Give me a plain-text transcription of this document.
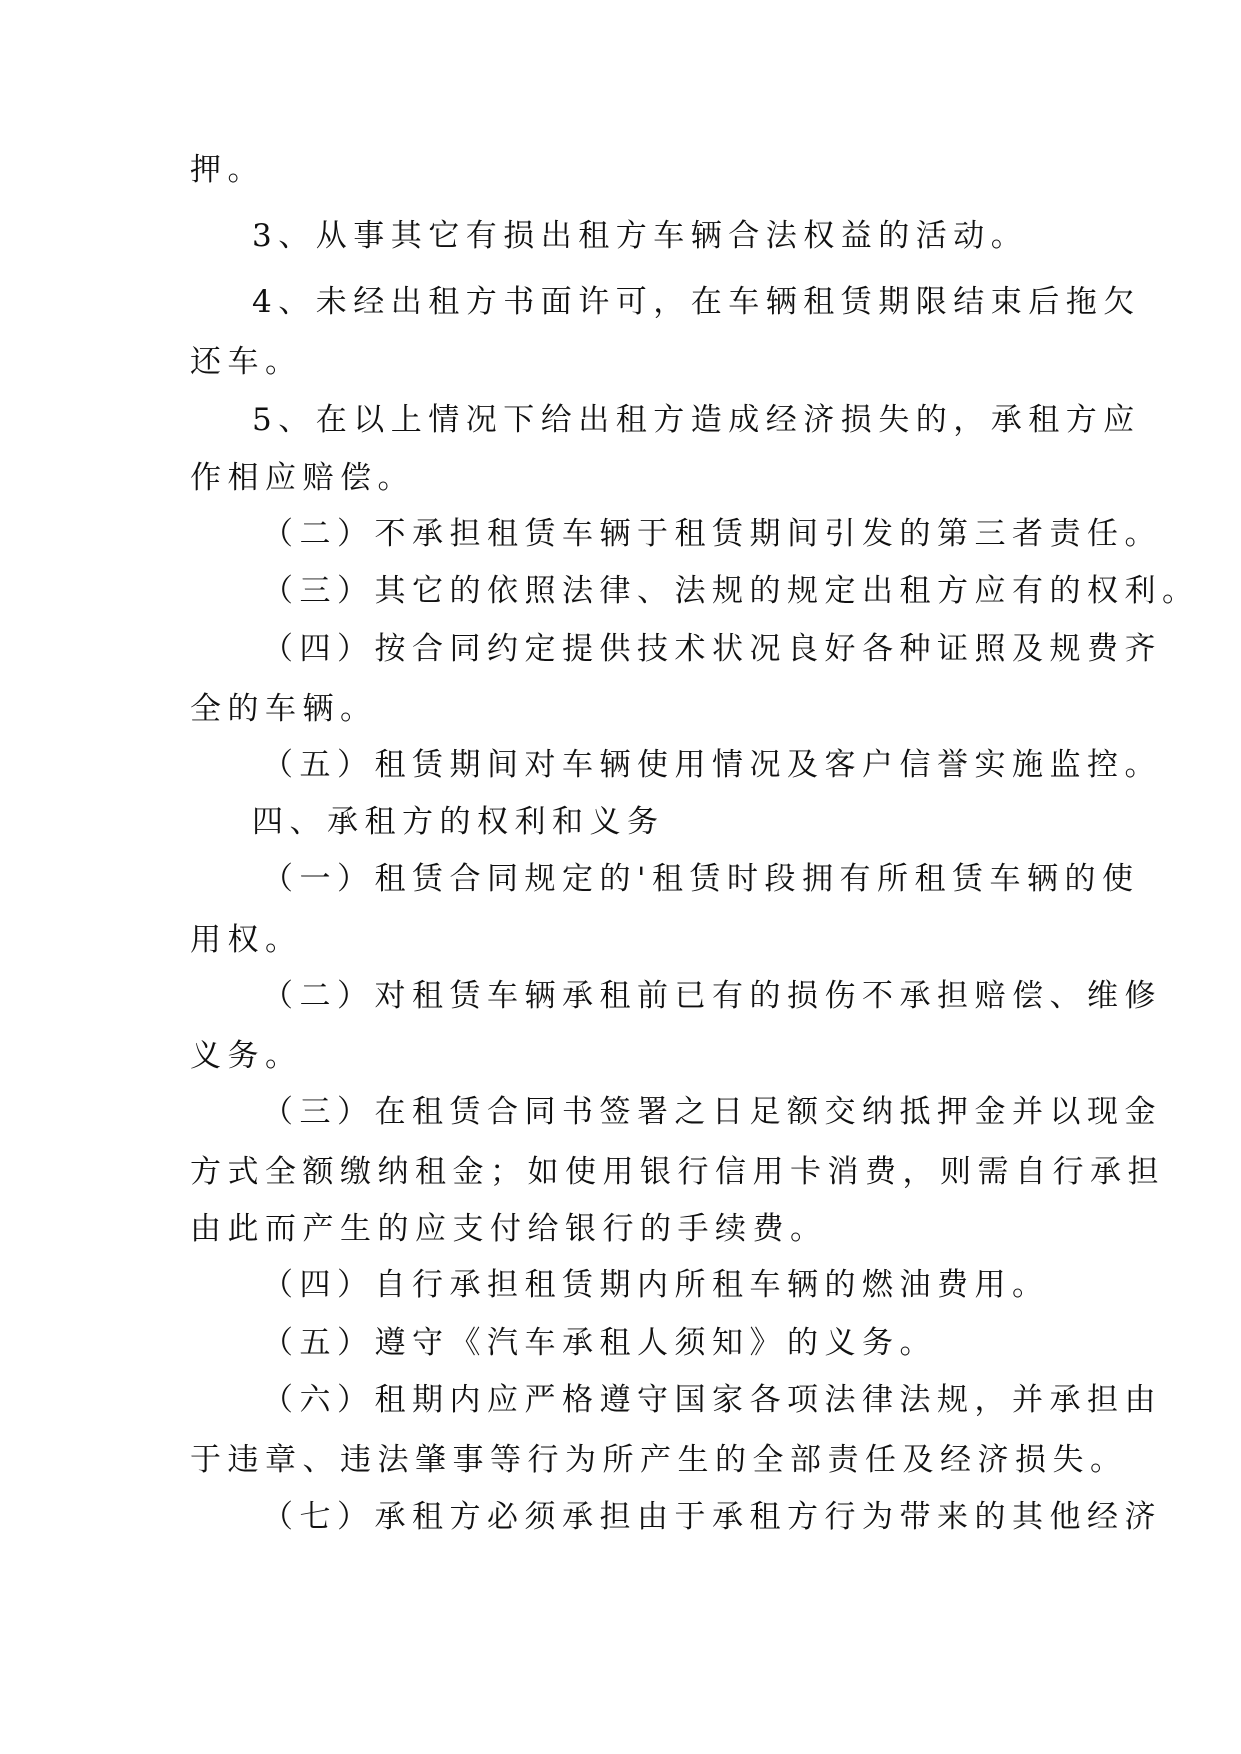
押。
3、从事其它有损出租方车辆合法权益的活动。
4、未经出租方书面许可，在车辆租赁期限结束后拖欠
还车。
5、在以上情况下给出租方造成经济损失的，承租方应
作相应赔偿。
（二）不承担租赁车辆于租赁期间引发的第三者责任。
（三）其它的依照法律、法规的规定出租方应有的权利。
（四）按合同约定提供技术状况良好各种证照及规费齐
全的车辆。
（五）租赁期间对车辆使用情况及客户信誉实施监控。
四、承租方的权利和义务
（一）租赁合同规定的'租赁时段拥有所租赁车辆的使
用权。
（二）对租赁车辆承租前已有的损伤不承担赔偿、维修
义务。
（三）在租赁合同书签署之日足额交纳抵押金并以现金
方式全额缴纳租金；如使用银行信用卡消费，则需自行承担
由此而产生的应支付给银行的手续费。
（四）自行承担租赁期内所租车辆的燃油费用。
（五）遵守《汽车承租人须知》的义务。
（六）租期内应严格遵守国家各项法律法规，并承担由
于违章、违法肇事等行为所产生的全部责任及经济损失。
（七）承租方必须承担由于承租方行为带来的其他经济
